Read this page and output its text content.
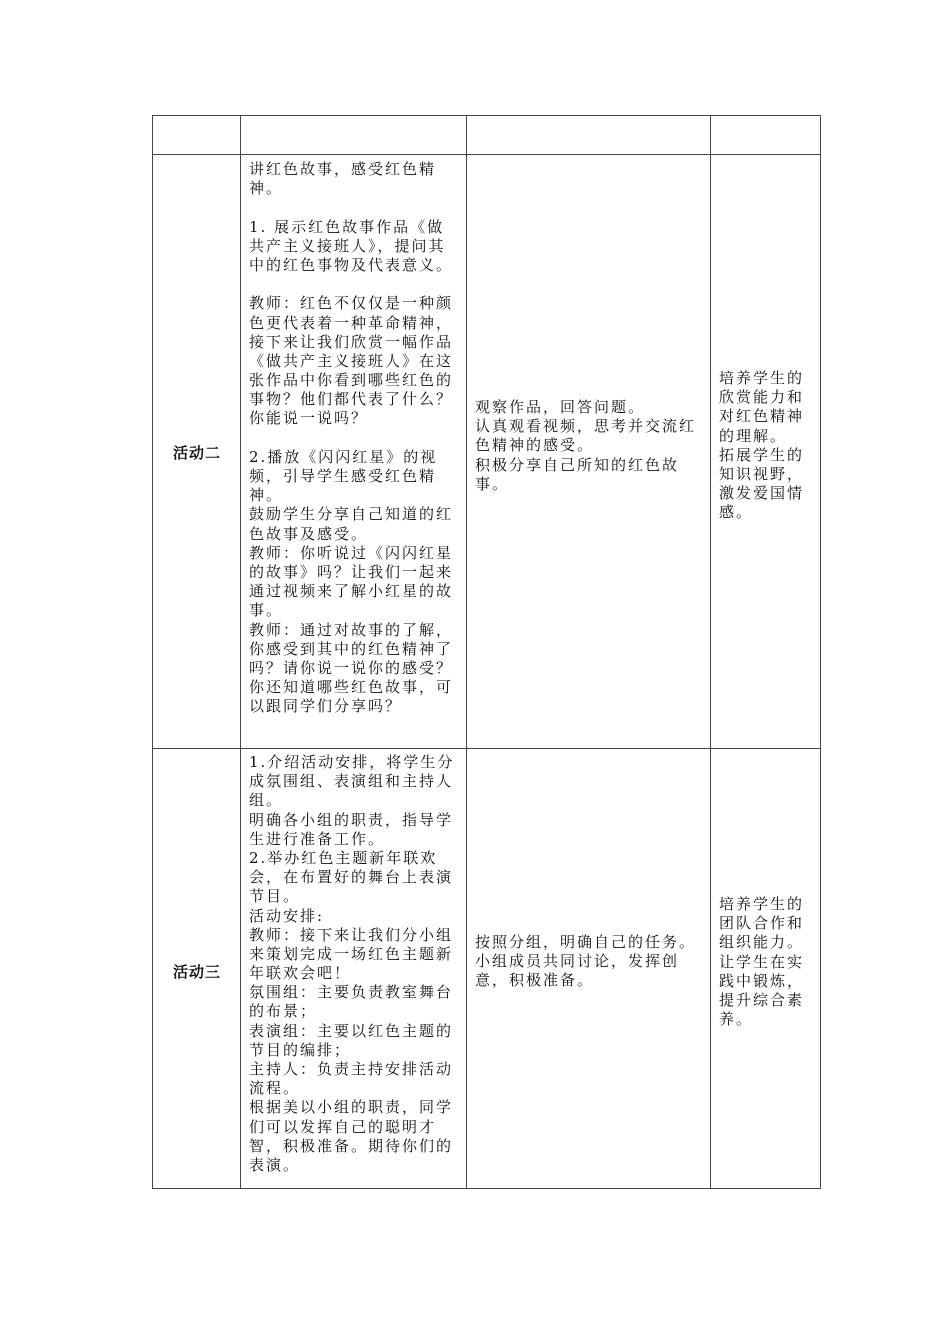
活动二
讲红色故事，感受红色精
神。
1. 展示红色故事作品《做
共产主义接班人》，提问其
中的红色事物及代表意义。
教师：红色不仅仅是一种颜
色更代表着一种革命精神，
接下来让我们欣赏一幅作品
《做共产主义接班人》在这
张作品中你看到哪些红色的
事物？他们都代表了什么？
你能说一说吗？
2.播放《闪闪红星》的视
频，引导学生感受红色精
神。
鼓励学生分享自己知道的红
色故事及感受。
教师：你听说过《闪闪红星
的故事》吗？让我们一起来
通过视频来了解小红星的故
事。
教师：通过对故事的了解，
你感受到其中的红色精神了
吗？请你说一说你的感受？
你还知道哪些红色故事，可
以跟同学们分享吗？
观察作品，回答问题。
认真观看视频，思考并交流红
色精神的感受。
积极分享自己所知的红色故
事。
培养学生的
欣赏能力和
对红色精神
的理解。
拓展学生的
知识视野，
激发爱国情
感。
活动三
1.介绍活动安排，将学生分
成氛围组、表演组和主持人
组。
明确各小组的职责，指导学
生进行准备工作。
2.举办红色主题新年联欢
会，在布置好的舞台上表演
节目。
活动安排:
教师：接下来让我们分小组
来策划完成一场红色主题新
年联欢会吧！
氛围组：主要负责教室舞台
的布景；
表演组：主要以红色主题的
节目的编排；
主持人：负责主持安排活动
流程。
根据美以小组的职责，同学
们可以发挥自己的聪明才
智，积极准备。期待你们的
表演。
按照分组，明确自己的任务。
小组成员共同讨论，发挥创
意，积极准备。
培养学生的
团队合作和
组织能力。
让学生在实
践中锻炼，
提升综合素
养。
